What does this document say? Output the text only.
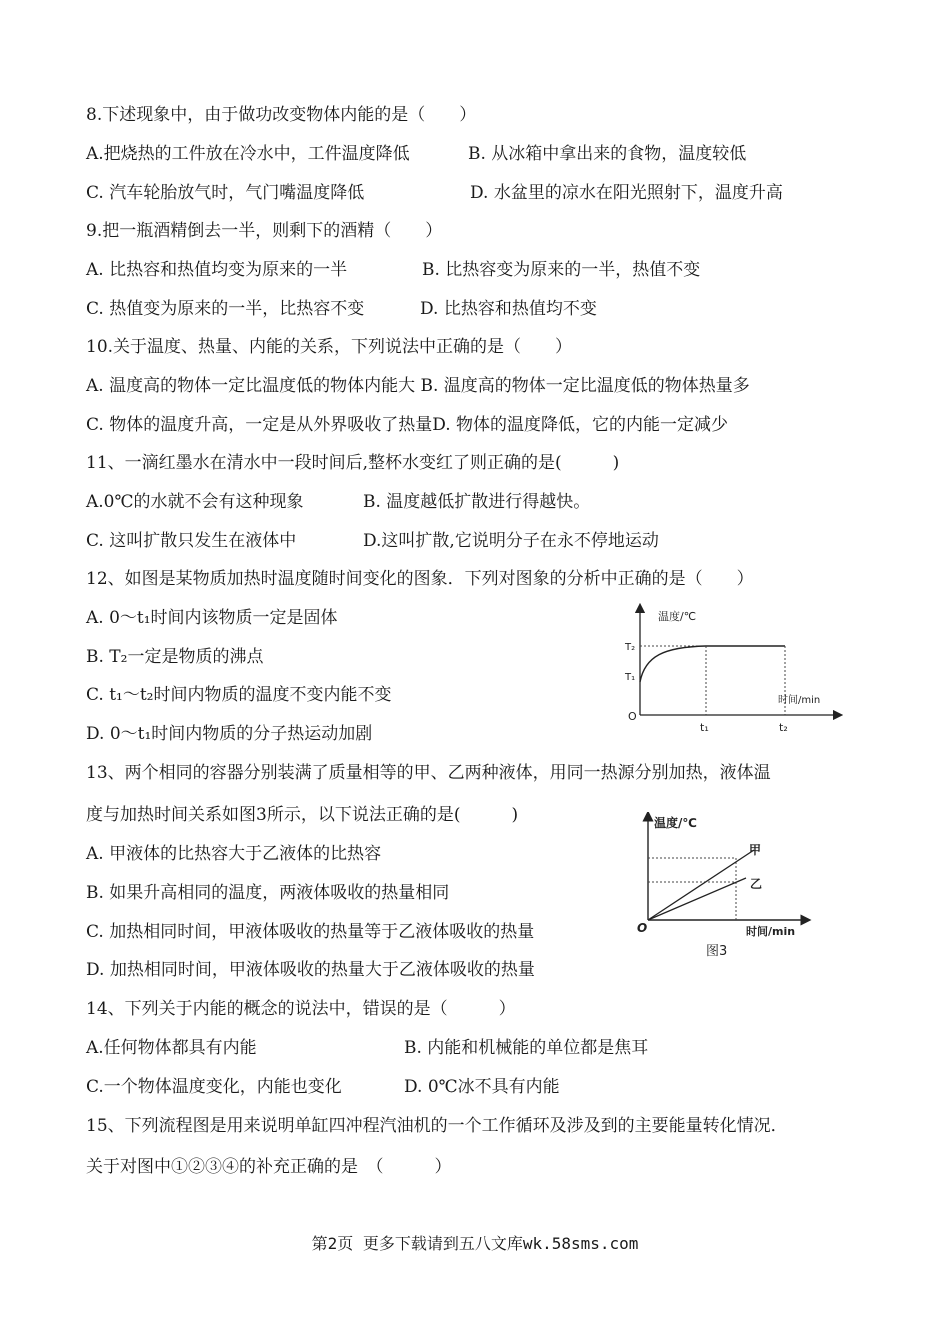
8.下述现象中，由于做功改变物体内能的是（　　）
A.把烧热的工件放在冷水中，工件温度降低	B. 从冰箱中拿出来的食物，温度较低
C. 汽车轮胎放气时，气门嘴温度降低	D. 水盆里的凉水在阳光照射下，温度升高
9.把一瓶酒精倒去一半，则剩下的酒精（　　）
A. 比热容和热值均变为原来的一半	B. 比热容变为原来的一半，热值不变
C. 热值变为原来的一半，比热容不变	D. 比热容和热值均不变
10.关于温度、热量、内能的关系，下列说法中正确的是（　　）
A. 温度高的物体一定比温度低的物体内能大 B. 温度高的物体一定比温度低的物体热量多
C. 物体的温度升高，一定是从外界吸收了热量D. 物体的温度降低，它的内能一定减少
11、一滴红墨水在清水中一段时间后,整杯水变红了则正确的是(　　　)
A.0℃的水就不会有这种现象	B. 温度越低扩散进行得越快。
C. 这叫扩散只发生在液体中	D.这叫扩散,它说明分子在永不停地运动
12、如图是某物质加热时温度随时间变化的图象．下列对图象的分析中正确的是（　　）
A. 0～t₁时间内该物质一定是固体
B. T₂一定是物质的沸点
C. t₁～t₂时间内物质的温度不变内能不变
D. 0～t₁时间内物质的分子热运动加剧
温度/℃
时间/min
T₂
T₁
O
t₁	t₂
13、两个相同的容器分别装满了质量相等的甲、乙两种液体，用同一热源分别加热，液体温
度与加热时间关系如图3所示，以下说法正确的是(　　　)
A. 甲液体的比热容大于乙液体的比热容
B. 如果升高相同的温度，两液体吸收的热量相同
C. 加热相同时间，甲液体吸收的热量等于乙液体吸收的热量
D. 加热相同时间，甲液体吸收的热量大于乙液体吸收的热量
温度/℃
甲
乙
O	时间/min
图3
14、下列关于内能的概念的说法中，错误的是（　　　）
A.任何物体都具有内能	B. 内能和机械能的单位都是焦耳
C.一个物体温度变化，内能也变化	D. 0℃冰不具有内能
15、下列流程图是用来说明单缸四冲程汽油机的一个工作循环及涉及到的主要能量转化情况．
关于对图中①②③④的补充正确的是　（　　　）
第2页 更多下载请到五八文库wk.58sms.com
